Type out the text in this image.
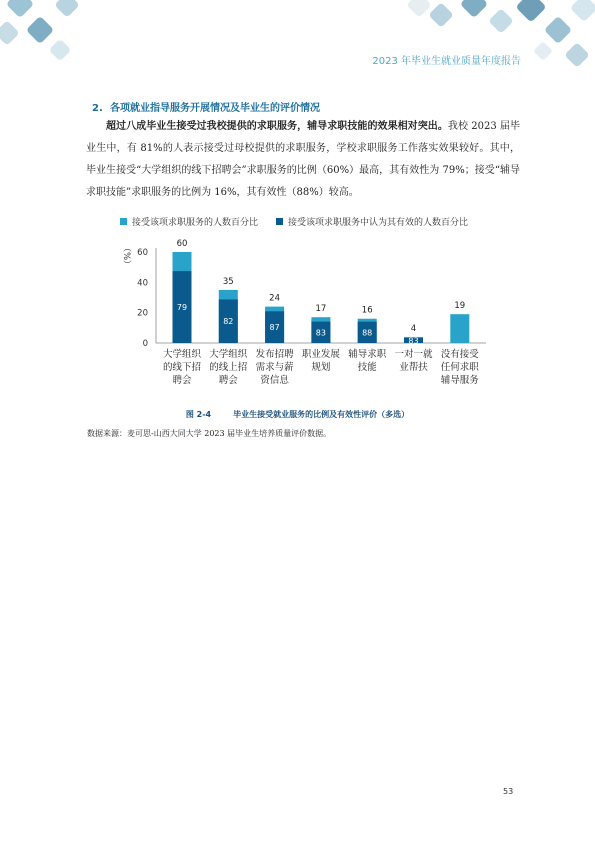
2023 年毕业生就业质量年度报告
2. 各项就业指导服务开展情况及毕业生的评价情况

超过八成毕业生接受过我校提供的求职服务，辅导求职技能的效果相对突出。我校 2023 届毕业生中，有 81%的人表示接受过母校提供的求职服务，学校求职服务工作落实效果较好。其中，毕业生接受“大学组织的线下招聘会”求职服务的比例（60%）最高，其有效性为 79%；接受“辅导求职技能”求职服务的比例为 16%，其有效性（88%）较高。

接受该项求职服务的人数百分比	接受该项求职服务中认为其有效的人数百分比
0
20
40
60
（%）
79
60
大学组织
的线下招
聘会
82
35
大学组织
的线上招
聘会
87
24
发布招聘
需求与薪
资信息
83
17
职业发展
规划
88
16
辅导求职
技能
83
4
一对一就
业帮扶
19
没有接受
任何求职
辅导服务
图 2-4	毕业生接受就业服务的比例及有效性评价（多选）
数据来源：麦可思-山西大同大学 2023 届毕业生培养质量评价数据。
53
